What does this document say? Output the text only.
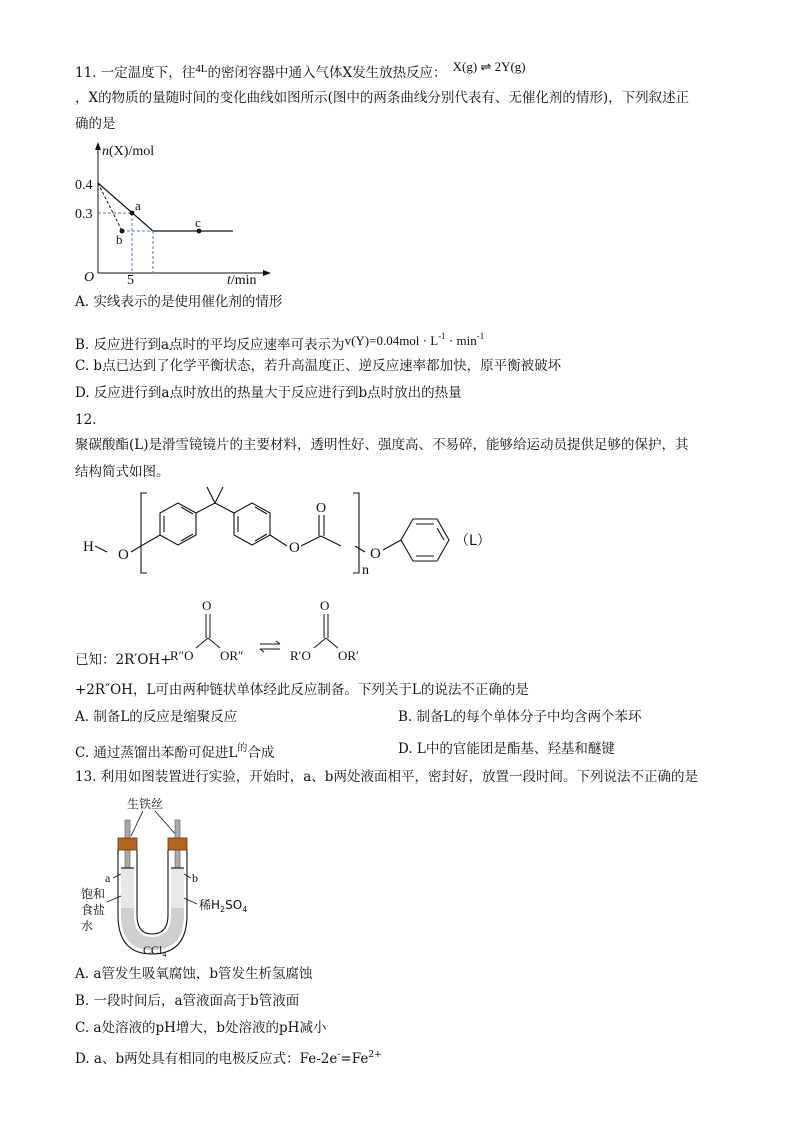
11. 一定温度下，往$^{4L}$的密闭容器中通入气体X发生放热反应： X(g) ⇌ 2Y(g)
，X的物质的量随时间的变化曲线如图所示(图中的两条曲线分别代表有、无催化剂的情形)，下列叙述正
确的是
n(X)/mol
t/min
O
0.4
0.3
5
a
b
c
A. 实线表示的是使用催化剂的情形
B. 反应进行到a点时的平均反应速率可表示为$v(Y)=0.04mol \cdot L^{-1} \cdot \min^{-1}$
C. b点已达到了化学平衡状态，若升高温度正、逆反应速率都加快，原平衡被破坏
D. 反应进行到a点时放出的热量大于反应进行到b点时放出的热量
12.
聚碳酸酯(L)是滑雪镜镜片的主要材料，透明性好、强度高、不易碎，能够给运动员提供足够的保护，其
结构简式如图。
H O	O
O
O
n
（L）
O	O
R″O OR″	R′O OR′
已知：2R′OH+
+2R″OH，L可由两种链状单体经此反应制备。下列关于L的说法不正确的是
A. 制备L的反应是缩聚反应	B. 制备L的每个单体分子中均含两个苯环
C. 通过蒸馏出苯酚可促进$L^的$合成	D. L中的官能团是酯基、羟基和醚键
13. 利用如图装置进行实验，开始时，a、b两处液面相平，密封好，放置一段时间。下列说法不正确的是
生铁丝
a	b
饱和
食盐
水
稀$H_2SO_4$
CCl$_4$
A. a管发生吸氧腐蚀，b管发生析氢腐蚀
B. 一段时间后，a管液面高于b管液面
C. a处溶液的pH增大，b处溶液的pH减小
D. a、b两处具有相同的电极反应式：$Fe-2e^-=Fe^{2+}$
